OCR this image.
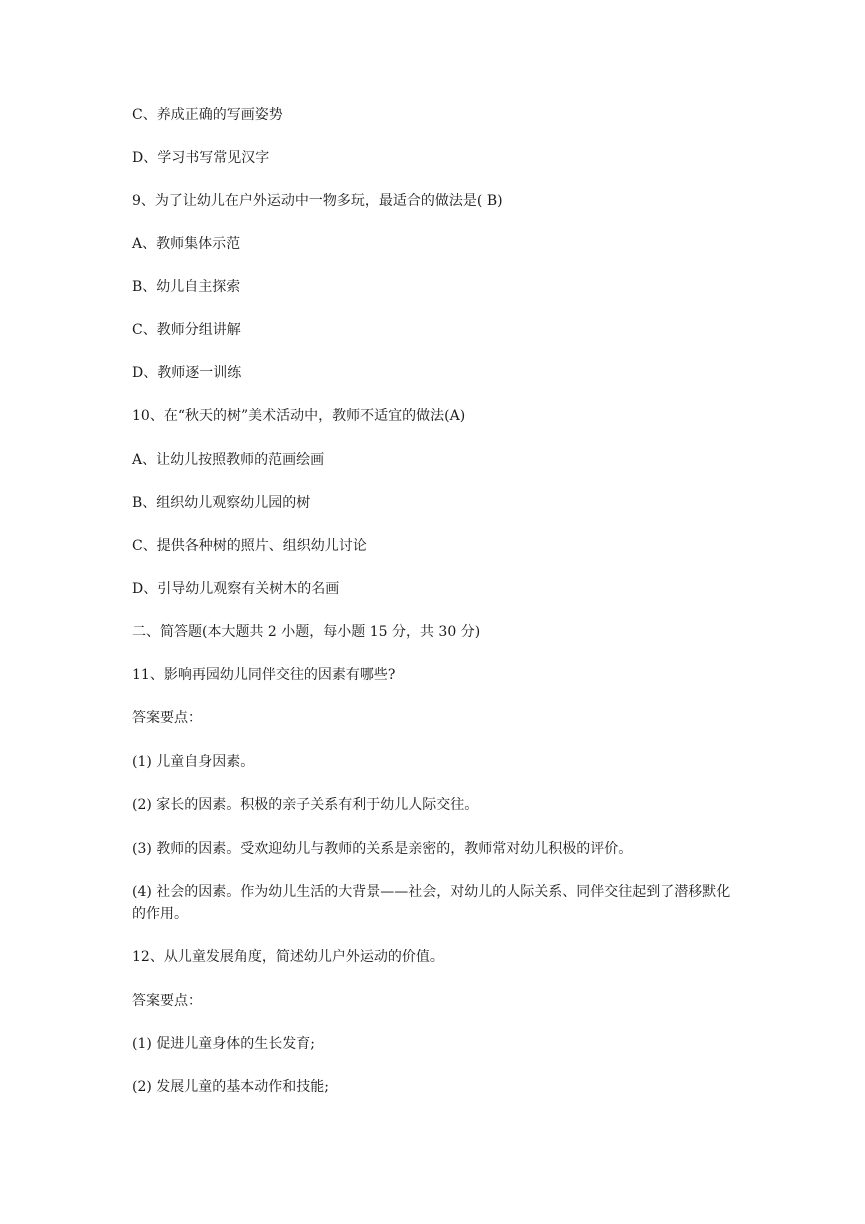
C、养成正确的写画姿势
D、学习书写常见汉字
9、为了让幼儿在户外运动中一物多玩，最适合的做法是( B)
A、教师集体示范
B、幼儿自主探索
C、教师分组讲解
D、教师逐一训练
10、在“秋天的树”美术活动中，教师不适宜的做法(A)
A、让幼儿按照教师的范画绘画
B、组织幼儿观察幼儿园的树
C、提供各种树的照片、组织幼儿讨论
D、引导幼儿观察有关树木的名画
二、简答题(本大题共 2 小题，每小题 15 分，共 30 分)
11、影响再园幼儿同伴交往的因素有哪些?
答案要点：
(1) 儿童自身因素。
(2) 家长的因素。积极的亲子关系有利于幼儿人际交往。
(3) 教师的因素。受欢迎幼儿与教师的关系是亲密的，教师常对幼儿积极的评价。
(4) 社会的因素。作为幼儿生活的大背景——社会，对幼儿的人际关系、同伴交往起到了潜移默化的作用。
12、从儿童发展角度，简述幼儿户外运动的价值。
答案要点：
(1) 促进儿童身体的生长发育;
(2) 发展儿童的基本动作和技能;
